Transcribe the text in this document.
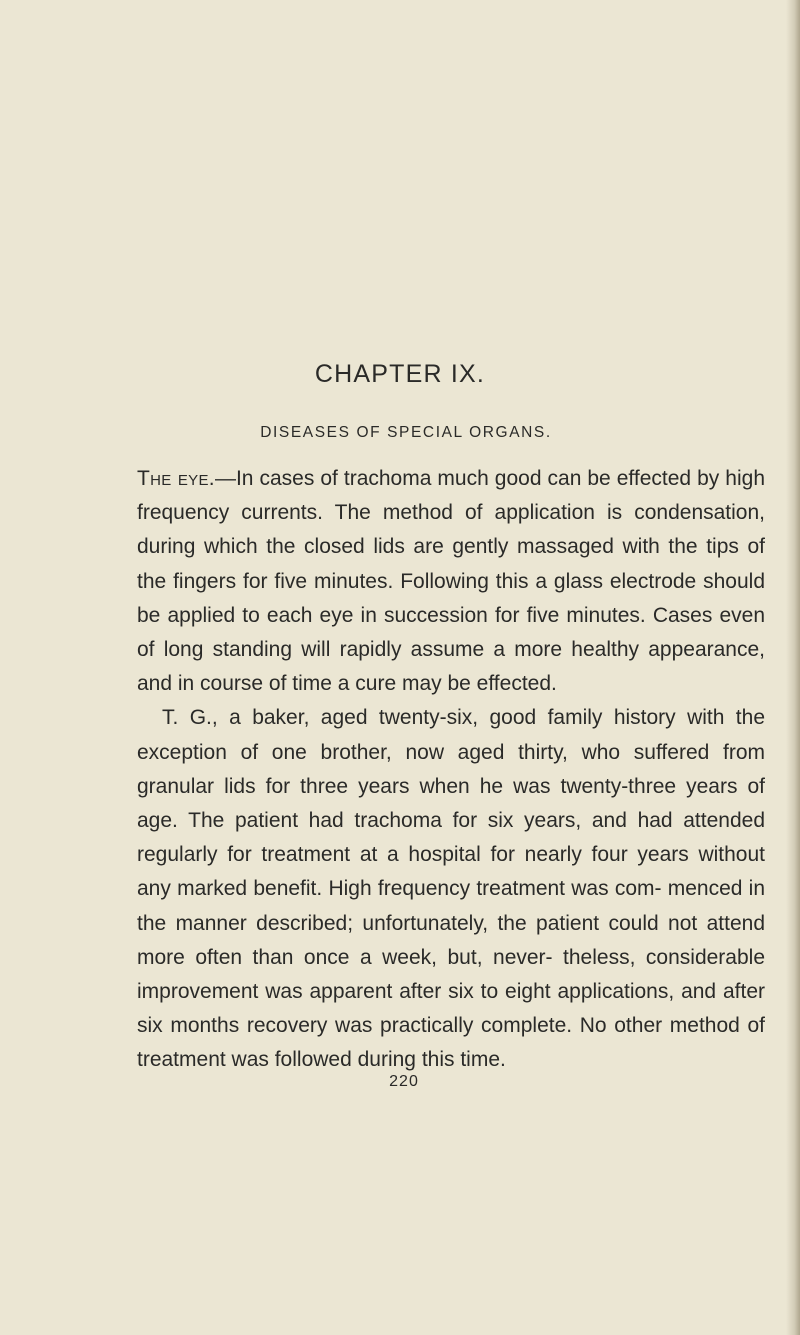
CHAPTER IX.
DISEASES OF SPECIAL ORGANS.

The eye.—In cases of trachoma much good can be effected by high frequency currents. The method of application is condensation, during which the closed lids are gently massaged with the tips of the fingers for five minutes. Following this a glass electrode should be applied to each eye in succession for five minutes. Cases even of long standing will rapidly assume a more healthy appearance, and in course of time a cure may be effected.

T. G., a baker, aged twenty-six, good family history with the exception of one brother, now aged thirty, who suffered from granular lids for three years when he was twenty-three years of age. The patient had trachoma for six years, and had attended regularly for treatment at a hospital for nearly four years without any marked benefit. High frequency treatment was com- menced in the manner described; unfortunately, the patient could not attend more often than once a week, but, never- theless, considerable improvement was apparent after six to eight applications, and after six months recovery was practically complete. No other method of treatment was followed during this time.

220
